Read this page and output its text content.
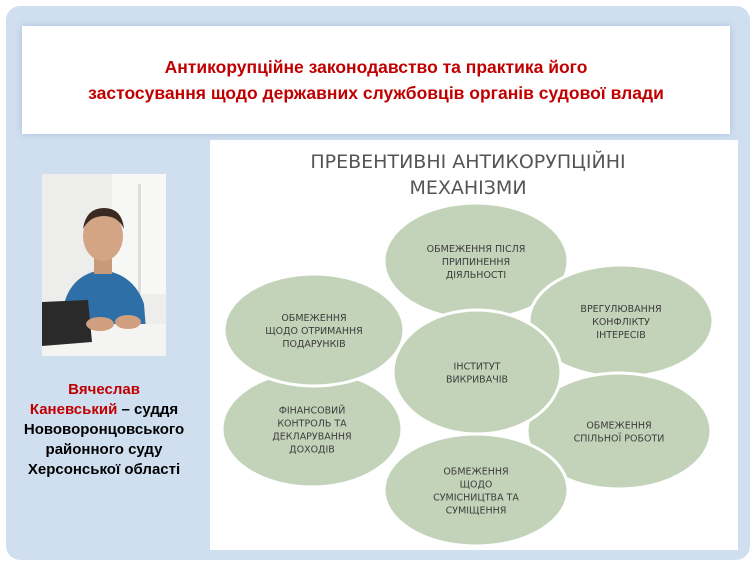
Антикорупційне законодавство та практика його
застосування щодо державних службовців органів судової влади
Вячеслав
Каневський – суддя
Нововоронцовського
районного суду
Херсонської області
ПРЕВЕНТИВНІ АНТИКОРУПЦІЙНІ
МЕХАНІЗМИ
ОБМЕЖЕННЯ ПІСЛЯ
ПРИПИНЕННЯ
ДІЯЛЬНОСТІ
ВРЕГУЛЮВАННЯ
КОНФЛІКТУ
ІНТЕРЕСІВ
ОБМЕЖЕННЯ
СПІЛЬНОЇ РОБОТИ
ОБМЕЖЕННЯ
ЩОДО
СУМІСНИЦТВА ТА
СУМІЩЕННЯ
ФІНАНСОВИЙ
КОНТРОЛЬ ТА
ДЕКЛАРУВАННЯ
ДОХОДІВ
ОБМЕЖЕННЯ
ЩОДО ОТРИМАННЯ
ПОДАРУНКІВ
ІНСТИТУТ
ВИКРИВАЧІВ
